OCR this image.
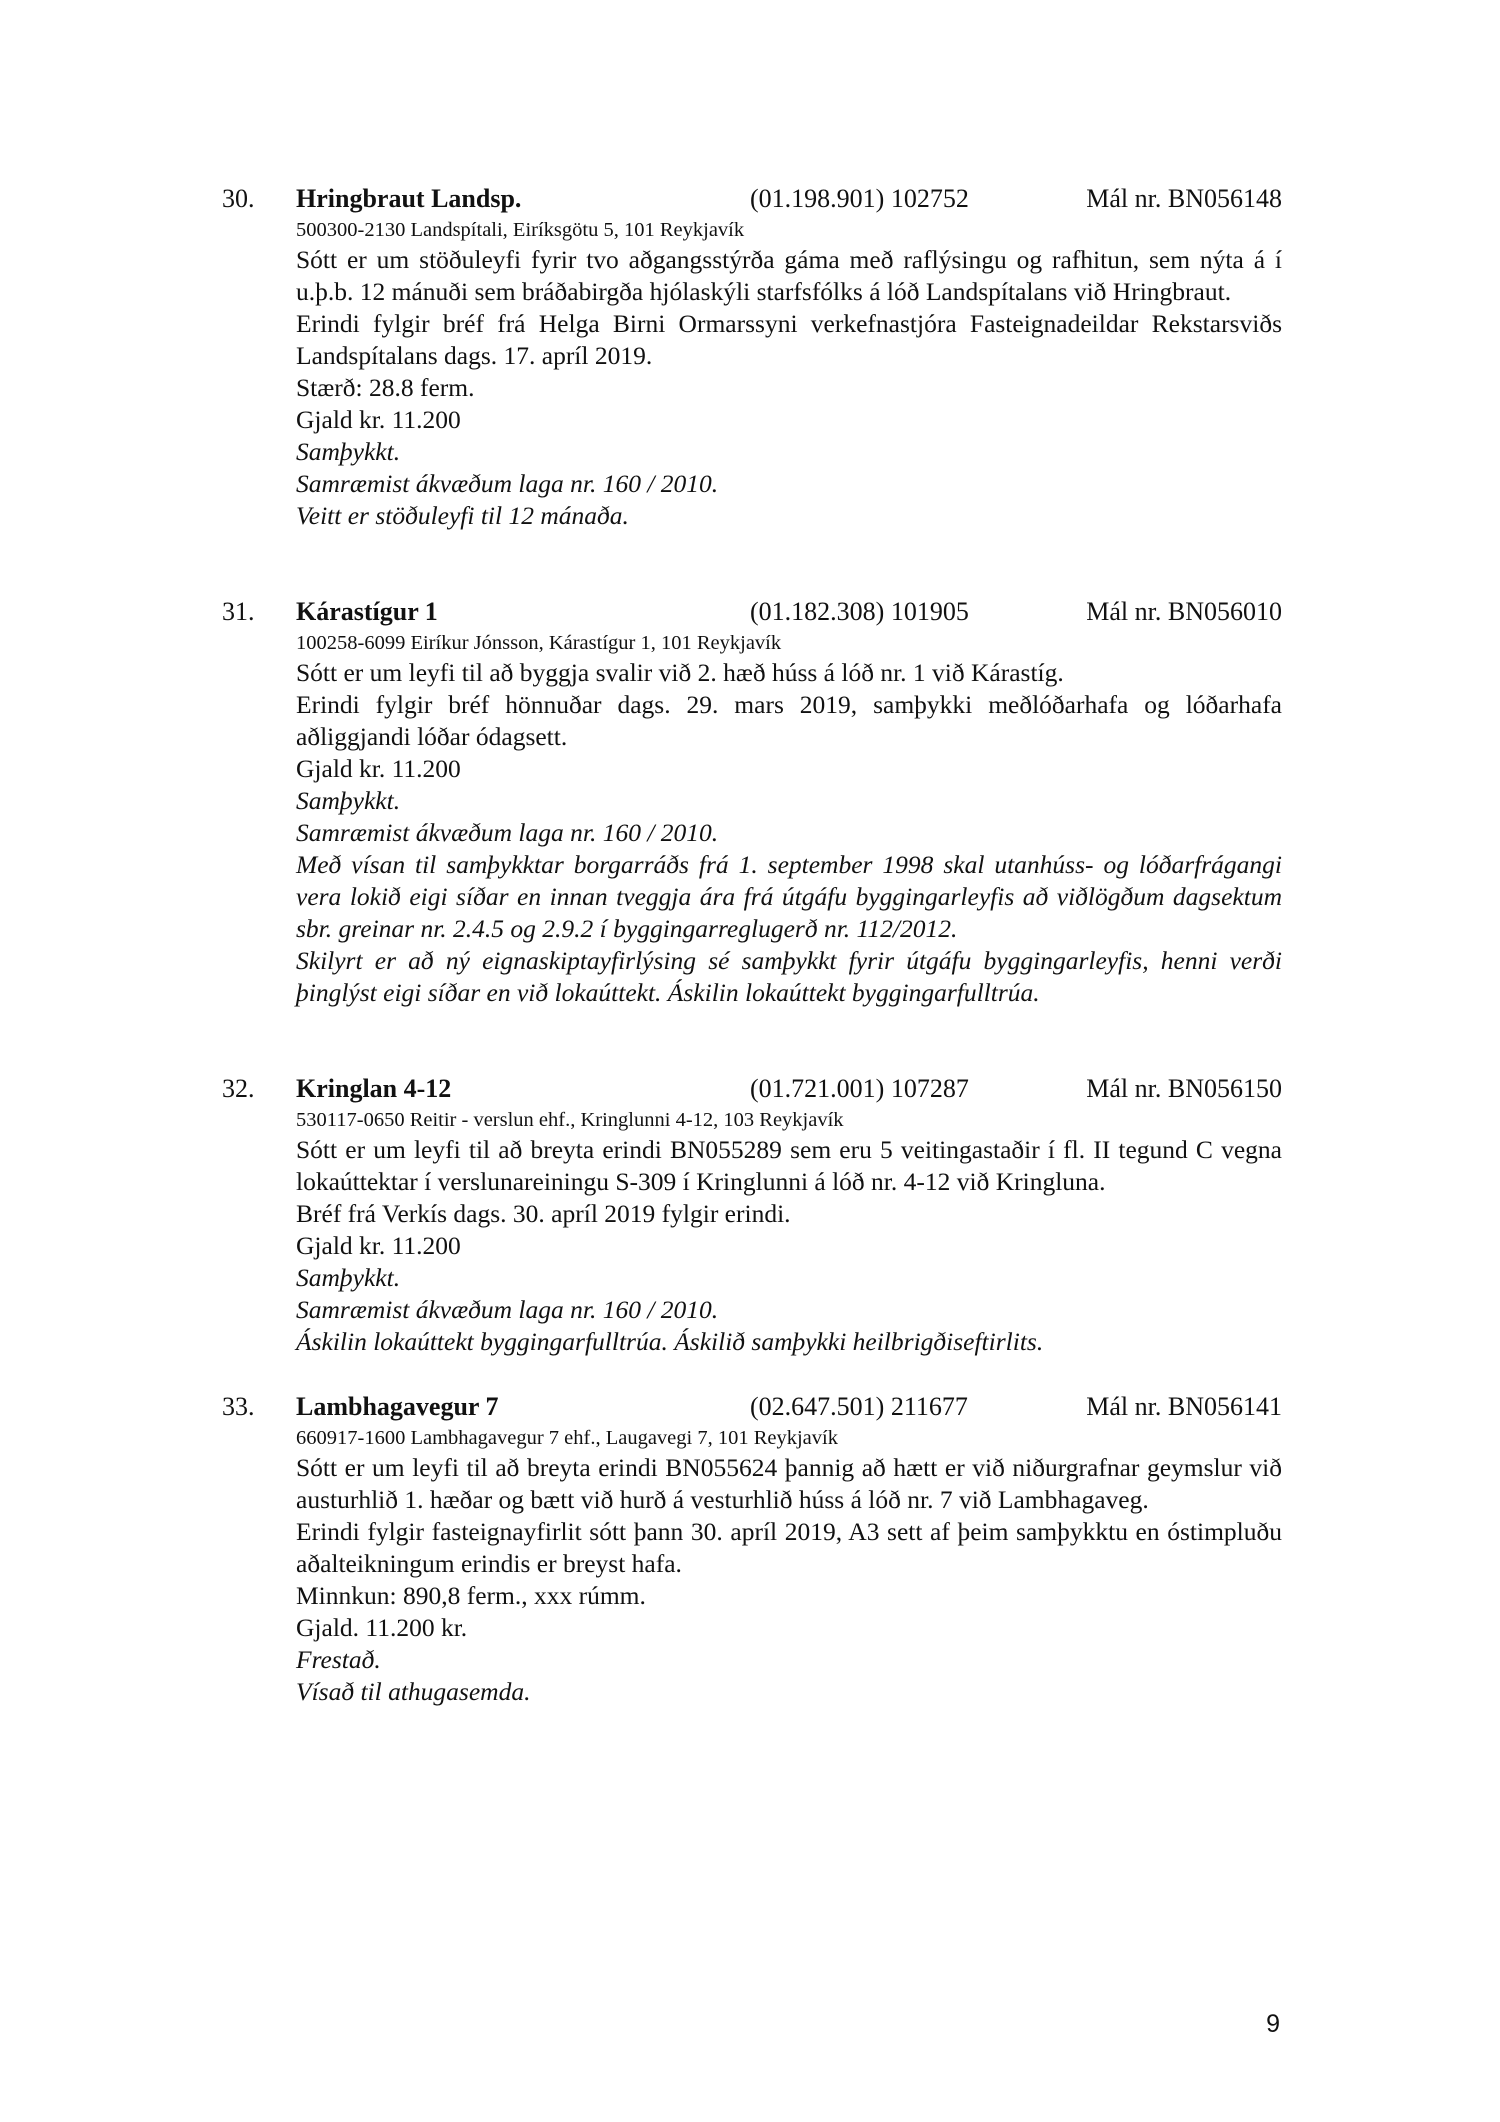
30. Hringbraut Landsp.	(01.198.901) 102752	Mál nr. BN056148
500300-2130 Landspítali, Eiríksgötu 5, 101 Reykjavík

Sótt er um stöðuleyfi fyrir tvo aðgangsstýrða gáma með raflýsingu og rafhitun, sem nýta á í u.þ.b. 12 mánuði sem bráðabirgða hjólaskýli starfsfólks á lóð Landspítalans við Hringbraut.

Erindi fylgir bréf frá Helga Birni Ormarssyni verkefnastjóra Fasteignadeildar Rekstarsviðs Landspítalans dags. 17. apríl 2019.

Stærð: 28.8 ferm.

Gjald kr. 11.200

Samþykkt.

Samræmist ákvæðum laga nr. 160 / 2010.

Veitt er stöðuleyfi til 12 mánaða.

31. Kárastígur 1	(01.182.308) 101905	Mál nr. BN056010
100258-6099 Eiríkur Jónsson, Kárastígur 1, 101 Reykjavík

Sótt er um leyfi til að byggja svalir við 2. hæð húss á lóð nr. 1 við Kárastíg.

Erindi fylgir bréf hönnuðar dags. 29. mars 2019, samþykki meðlóðarhafa og lóðarhafa aðliggjandi lóðar ódagsett.

Gjald kr. 11.200

Samþykkt.

Samræmist ákvæðum laga nr. 160 / 2010.

Með vísan til samþykktar borgarráðs frá 1. september 1998 skal utanhúss- og lóðarfrágangi vera lokið eigi síðar en innan tveggja ára frá útgáfu byggingarleyfis að viðlögðum dagsektum sbr. greinar nr. 2.4.5 og 2.9.2 í byggingarreglugerð nr. 112/2012.

Skilyrt er að ný eignaskiptayfirlýsing sé samþykkt fyrir útgáfu byggingarleyfis, henni verði þinglýst eigi síðar en við lokaúttekt. Áskilin lokaúttekt byggingarfulltrúa.

32. Kringlan 4-12	(01.721.001) 107287	Mál nr. BN056150
530117-0650 Reitir - verslun ehf., Kringlunni 4-12, 103 Reykjavík

Sótt er um leyfi til að breyta erindi BN055289 sem eru 5 veitingastaðir í fl. II tegund C vegna lokaúttektar í verslunareiningu S-309 í Kringlunni á lóð nr. 4-12 við Kringluna.

Bréf frá Verkís dags. 30. apríl 2019 fylgir erindi.

Gjald kr. 11.200

Samþykkt.

Samræmist ákvæðum laga nr. 160 / 2010.

Áskilin lokaúttekt byggingarfulltrúa. Áskilið samþykki heilbrigðiseftirlits.

33. Lambhagavegur 7	(02.647.501) 211677	Mál nr. BN056141
660917-1600 Lambhagavegur 7 ehf., Laugavegi 7, 101 Reykjavík

Sótt er um leyfi til að breyta erindi BN055624 þannig að hætt er við niðurgrafnar geymslur við austurhlið 1. hæðar og bætt við hurð á vesturhlið húss á lóð nr. 7 við Lambhagaveg.

Erindi fylgir fasteignayfirlit sótt þann 30. apríl 2019, A3 sett af þeim samþykktu en óstimpluðu aðalteikningum erindis er breyst hafa.

Minnkun: 890,8 ferm., xxx rúmm.

Gjald. 11.200 kr.

Frestað.

Vísað til athugasemda.

9
